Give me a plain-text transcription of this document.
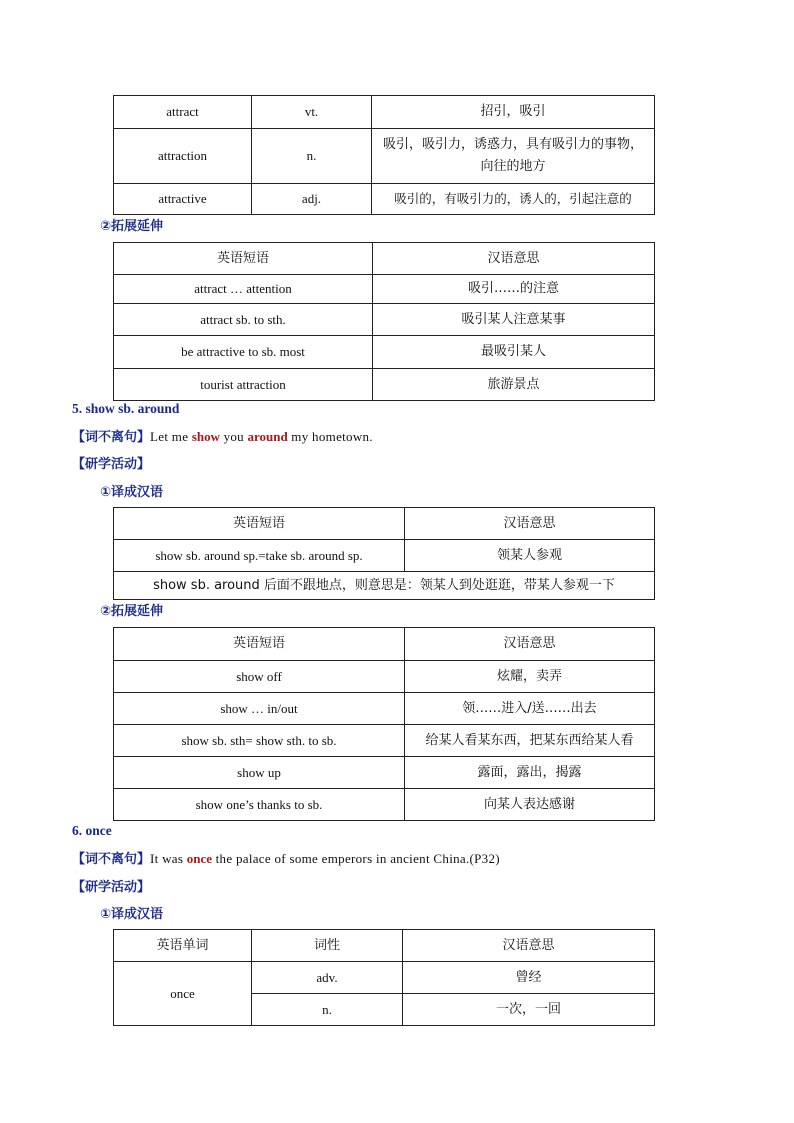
attract	vt.	招引，吸引
attraction	n.	吸引，吸引力，诱惑力，具有吸引力的事物，向往的地方
attractive	adj.	吸引的，有吸引力的，诱人的，引起注意的
②拓展延伸
英语短语	汉语意思
attract … attention	吸引……的注意
attract sb. to sth.	吸引某人注意某事
be attractive to sb. most	最吸引某人
tourist attraction	旅游景点
5. show sb. around
【词不离句】Let me show you around my hometown.
【研学活动】
①译成汉语
英语短语	汉语意思
show sb. around sp.=take sb. around sp.	领某人参观
show sb. around 后面不跟地点，则意思是：领某人到处逛逛，带某人参观一下	
②拓展延伸
英语短语	汉语意思
show off	炫耀，卖弄
show … in/out	领……进入/送……出去
show sb. sth= show sth. to sb.	给某人看某东西，把某东西给某人看
show up	露面，露出，揭露
show one’s thanks to sb.	向某人表达感谢
6. once
【词不离句】It was once the palace of some emperors in ancient China.(P32)
【研学活动】
①译成汉语
英语单词	词性	汉语意思
once	adv.	曾经
	n.	一次，一回
